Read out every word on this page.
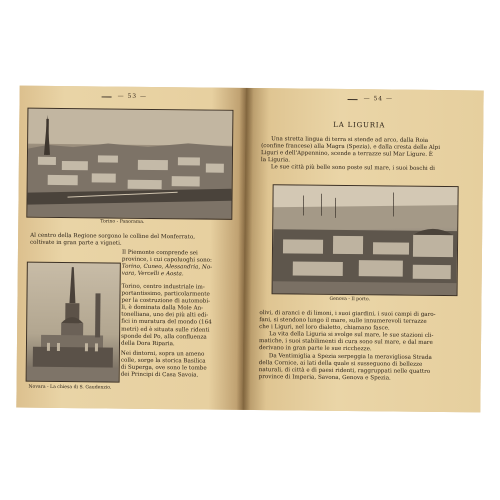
— 53 —
Torino - Panorama.

Al centro della Regione sorgono le colline del Monferrato,

coltivate in gran parte a vigneti.

Novara - La chiesa di S. Gaudenzio.

Il Piemonte comprende sei

province, i cui capoluoghi sono:

Torino, Cuneo, Alessandria, No-

vara, Vercelli e Aosta.

Torino, centro industriale im-

portantissimo, particolarmente

per la costruzione di automobi-

li, è dominata dalla Mole An-

tonelliana, uno dei più alti edi-

fici in muratura del mondo (164

metri) ed è situata sulle ridenti

sponde del Po, alla confluenza

della Dora Riparia.

Nei dintorni, sopra un ameno

colle, sorge la storica Basilica

di Superga, ove sono le tombe

dei Principi di Casa Savoia.

— 54 —
LA LIGURIA

Una stretta lingua di terra si stende ad arco, dalla Roia

(confine francese) alla Magra (Spezia), e dalla cresta delle Alpi

Liguri e dell'Appennino, scende a terrazze sul Mar Ligure. È

la Liguria.

Le sue città più belle sono poste sul mare, i suoi boschi di

Genova - Il porto.

olivi, di aranci e di limoni, i suoi giardini, i suoi campi di garo-

fani, si stendono lungo il mare, sulle innumerevoli terrazze

che i Liguri, nel loro dialetto, chiamano fasce.

La vita della Liguria si svolge sul mare, le sue stazioni cli-

matiche, i suoi stabilimenti di cura sono sul mare, e dal mare

derivano in gran parte le sue ricchezze.

Da Ventimiglia a Spezia serpeggia la meravigliosa Strada

della Cornice, ai lati della quale si susseguono di bellezze

naturali, di città e di paesi ridenti, raggruppati nelle quattro

province di Imperia, Savona, Genova e Spezia.
